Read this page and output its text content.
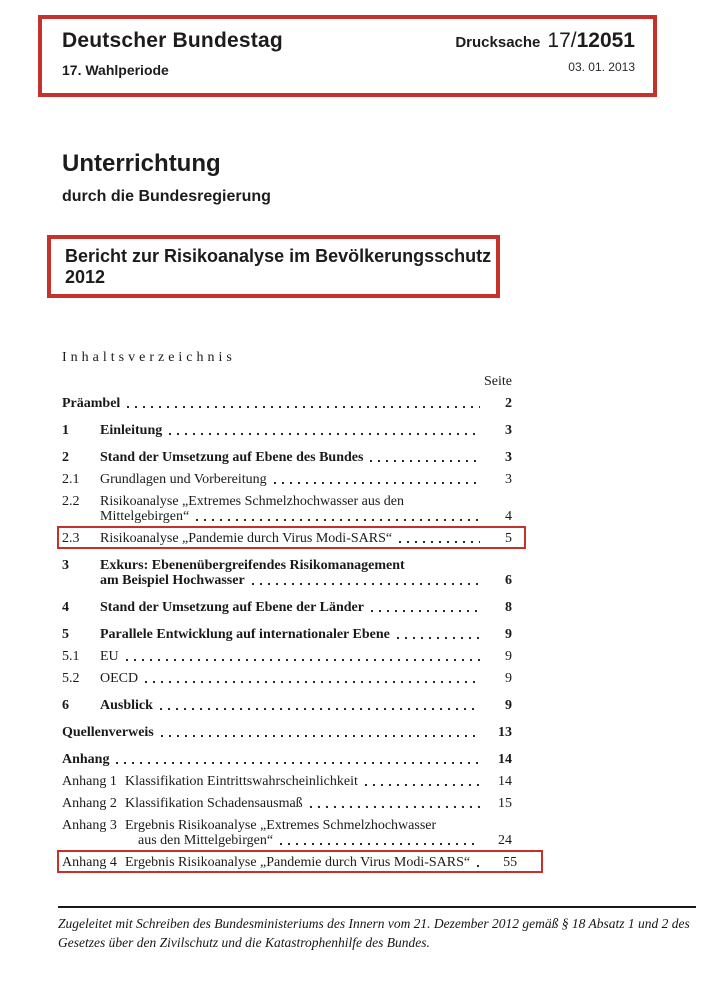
Deutscher Bundestag
17. Wahlperiode
Drucksache 17/12051
03. 01. 2013
Unterrichtung
durch die Bundesregierung
Bericht zur Risikoanalyse im Bevölkerungsschutz 2012
Inhaltsverzeichnis
Seite
Präambel	2
1	Einleitung	3
2	Stand der Umsetzung auf Ebene des Bundes	3
2.1	Grundlagen und Vorbereitung	3
2.2	Risikoanalyse „Extremes Schmelzhochwasser aus den
Mittelgebirgen“	4
2.3	Risikoanalyse „Pandemie durch Virus Modi-SARS“	5
3	Exkurs: Ebenenübergreifendes Risikomanagement
am Beispiel Hochwasser	6
4	Stand der Umsetzung auf Ebene der Länder	8
5	Parallele Entwicklung auf internationaler Ebene	9
5.1	EU	9
5.2	OECD	9
6	Ausblick	9
Quellenverweis	13
Anhang	14
Anhang 1 Klassifikation Eintrittswahrscheinlichkeit	14
Anhang 2 Klassifikation Schadensausmaß	15
Anhang 3 Ergebnis Risikoanalyse „Extremes Schmelzhochwasser
aus den Mittelgebirgen“	24
Anhang 4 Ergebnis Risikoanalyse „Pandemie durch Virus Modi-SARS“	55
Zugeleitet mit Schreiben des Bundesministeriums des Innern vom 21. Dezember 2012 gemäß § 18 Absatz 1 und 2 des
Gesetzes über den Zivilschutz und die Katastrophenhilfe des Bundes.
